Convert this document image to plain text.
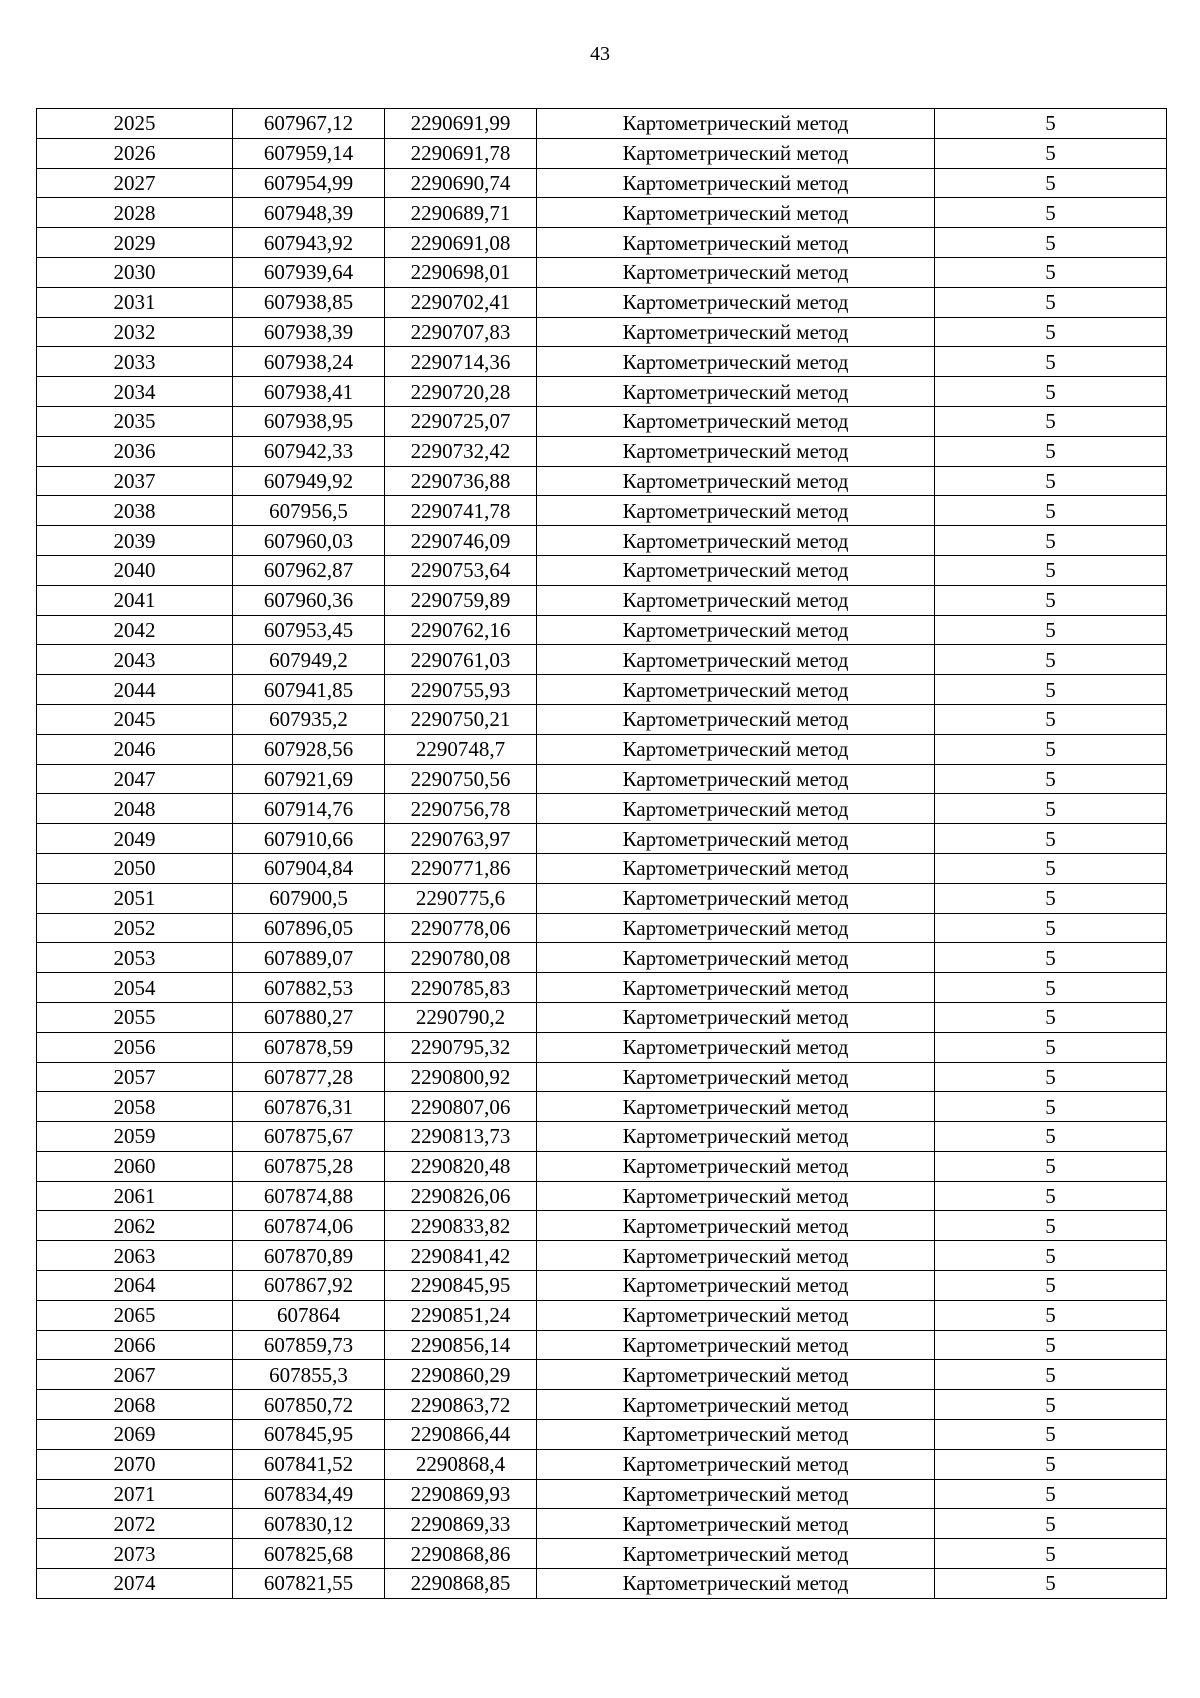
43
2025	607967,12	2290691,99	Картометрический метод	5
2026	607959,14	2290691,78	Картометрический метод	5
2027	607954,99	2290690,74	Картометрический метод	5
2028	607948,39	2290689,71	Картометрический метод	5
2029	607943,92	2290691,08	Картометрический метод	5
2030	607939,64	2290698,01	Картометрический метод	5
2031	607938,85	2290702,41	Картометрический метод	5
2032	607938,39	2290707,83	Картометрический метод	5
2033	607938,24	2290714,36	Картометрический метод	5
2034	607938,41	2290720,28	Картометрический метод	5
2035	607938,95	2290725,07	Картометрический метод	5
2036	607942,33	2290732,42	Картометрический метод	5
2037	607949,92	2290736,88	Картометрический метод	5
2038	607956,5	2290741,78	Картометрический метод	5
2039	607960,03	2290746,09	Картометрический метод	5
2040	607962,87	2290753,64	Картометрический метод	5
2041	607960,36	2290759,89	Картометрический метод	5
2042	607953,45	2290762,16	Картометрический метод	5
2043	607949,2	2290761,03	Картометрический метод	5
2044	607941,85	2290755,93	Картометрический метод	5
2045	607935,2	2290750,21	Картометрический метод	5
2046	607928,56	2290748,7	Картометрический метод	5
2047	607921,69	2290750,56	Картометрический метод	5
2048	607914,76	2290756,78	Картометрический метод	5
2049	607910,66	2290763,97	Картометрический метод	5
2050	607904,84	2290771,86	Картометрический метод	5
2051	607900,5	2290775,6	Картометрический метод	5
2052	607896,05	2290778,06	Картометрический метод	5
2053	607889,07	2290780,08	Картометрический метод	5
2054	607882,53	2290785,83	Картометрический метод	5
2055	607880,27	2290790,2	Картометрический метод	5
2056	607878,59	2290795,32	Картометрический метод	5
2057	607877,28	2290800,92	Картометрический метод	5
2058	607876,31	2290807,06	Картометрический метод	5
2059	607875,67	2290813,73	Картометрический метод	5
2060	607875,28	2290820,48	Картометрический метод	5
2061	607874,88	2290826,06	Картометрический метод	5
2062	607874,06	2290833,82	Картометрический метод	5
2063	607870,89	2290841,42	Картометрический метод	5
2064	607867,92	2290845,95	Картометрический метод	5
2065	607864	2290851,24	Картометрический метод	5
2066	607859,73	2290856,14	Картометрический метод	5
2067	607855,3	2290860,29	Картометрический метод	5
2068	607850,72	2290863,72	Картометрический метод	5
2069	607845,95	2290866,44	Картометрический метод	5
2070	607841,52	2290868,4	Картометрический метод	5
2071	607834,49	2290869,93	Картометрический метод	5
2072	607830,12	2290869,33	Картометрический метод	5
2073	607825,68	2290868,86	Картометрический метод	5
2074	607821,55	2290868,85	Картометрический метод	5
